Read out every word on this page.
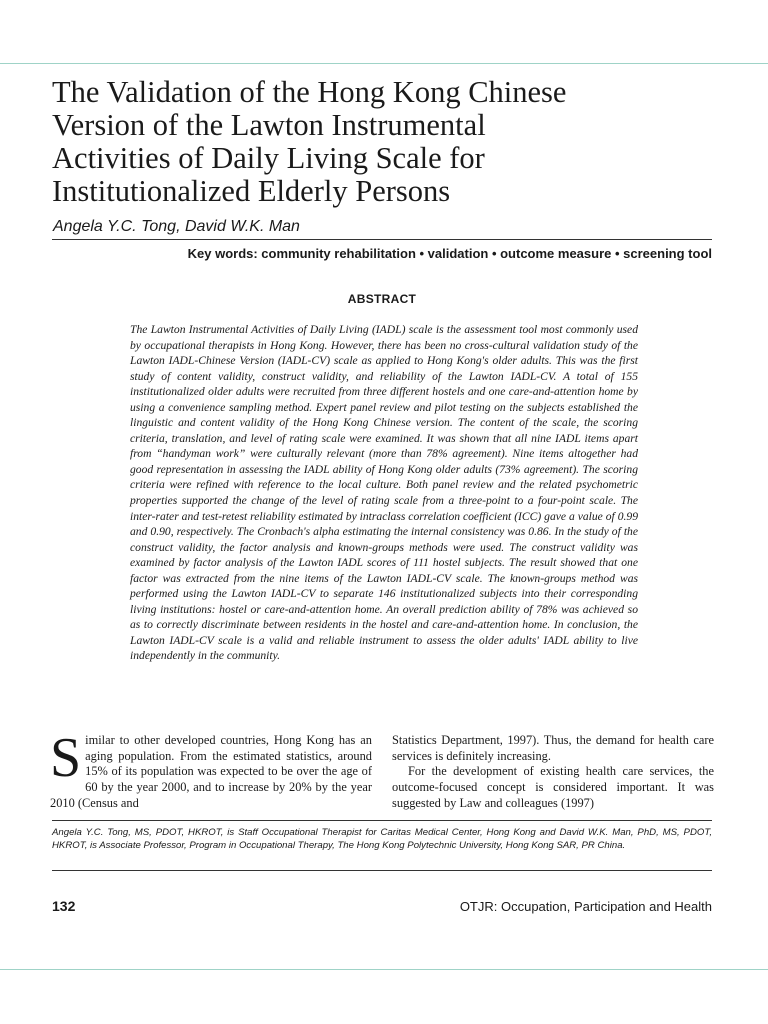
The Validation of the Hong Kong Chinese
Version of the Lawton Instrumental
Activities of Daily Living Scale for
Institutionalized Elderly Persons
Angela Y.C. Tong, David W.K. Man
Key words: community rehabilitation • validation • outcome measure • screening tool
ABSTRACT
The Lawton Instrumental Activities of Daily Living (IADL) scale is the assessment tool most commonly used by occupational therapists in Hong Kong. However, there has been no cross-cultural validation study of the Lawton IADL-Chinese Version (IADL-CV) scale as applied to Hong Kong's older adults. This was the first study of content validity, construct validity, and reliability of the Lawton IADL-CV. A total of 155 institutionalized older adults were recruited from three different hostels and one care-and-attention home by using a convenience sampling method. Expert panel review and pilot testing on the subjects established the linguistic and content validity of the Hong Kong Chinese version. The content of the scale, the scoring criteria, translation, and level of rating scale were examined. It was shown that all nine IADL items apart from “handyman work” were culturally relevant (more than 78% agreement). Nine items altogether had good representation in assessing the IADL ability of Hong Kong older adults (73% agreement). The scoring criteria were refined with reference to the local culture. Both panel review and the related psychometric properties supported the change of the level of rating scale from a three-point to a four-point scale. The inter-rater and test-retest reliability estimated by intraclass correlation coefficient (ICC) gave a value of 0.99 and 0.90, respectively. The Cronbach's alpha estimating the internal consistency was 0.86. In the study of the construct validity, the factor analysis and known-groups methods were used. The construct validity was examined by factor analysis of the Lawton IADL scores of 111 hostel subjects. The result showed that one factor was extracted from the nine items of the Lawton IADL-CV scale. The known-groups method was performed using the Lawton IADL-CV to separate 146 institutionalized subjects into their corresponding living institutions: hostel or care-and-attention home. An overall prediction ability of 78% was achieved so as to correctly discriminate between residents in the hostel and care-and-attention home. In conclusion, the Lawton IADL-CV scale is a valid and reliable instrument to assess the older adults' IADL ability to live independently in the community.
Similar to other developed countries, Hong Kong has an aging population. From the estimated statistics, around 15% of its population was expected to be over the age of 60 by the year 2000, and to increase by 20% by the year 2010 (Census and

Statistics Department, 1997). Thus, the demand for health care services is definitely increasing.

For the development of existing health care services, the outcome-focused concept is considered important. It was suggested by Law and colleagues (1997)

Angela Y.C. Tong, MS, PDOT, HKROT, is Staff Occupational Therapist for Caritas Medical Center, Hong Kong and David W.K. Man, PhD, MS, PDOT, HKROT, is Associate Professor, Program in Occupational Therapy, The Hong Kong Polytechnic University, Hong Kong SAR, PR China.
132	OTJR: Occupation, Participation and Health
